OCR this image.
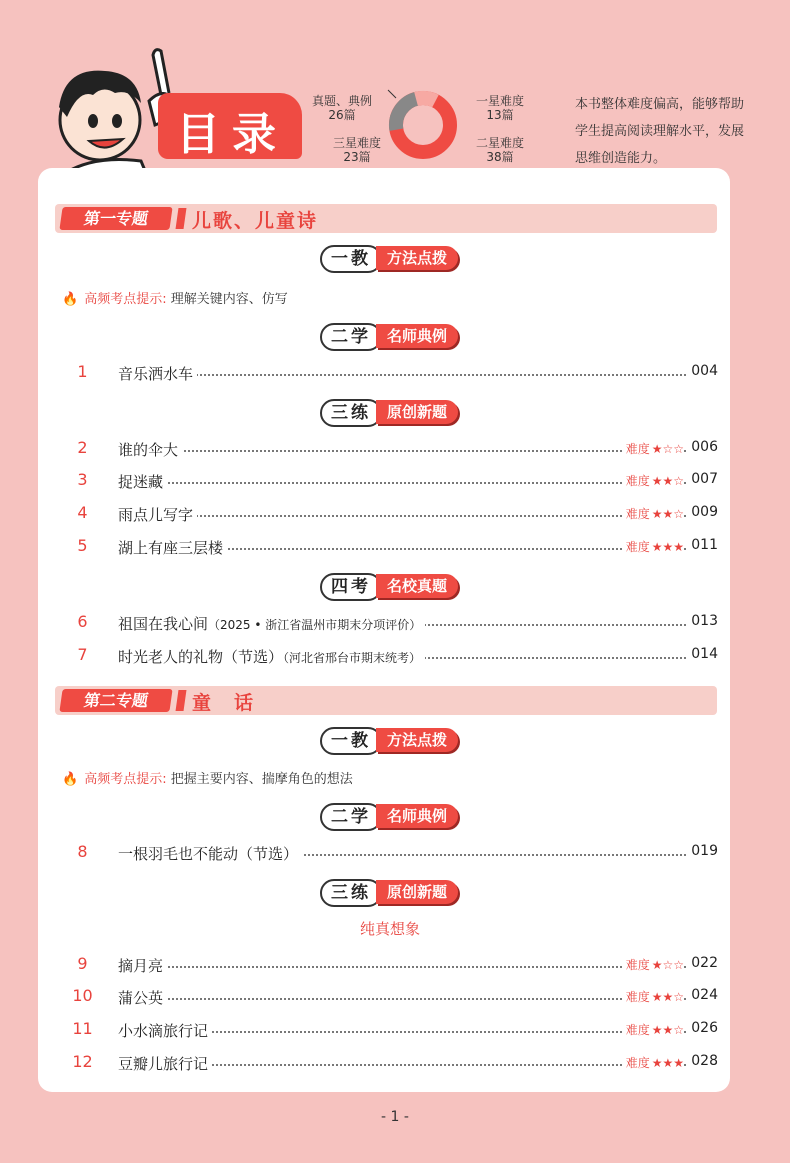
目录
真题、典例
26篇
一星难度
13篇
三星难度
23篇
二星难度
38篇
本书整体难度偏高，能够帮助学生提高阅读理解水平，发展思维创造能力。
第一专题	儿歌、儿童诗
一教	方法点拨
🔥 高频考点提示: 理解关键内容、仿写
二学	名师典例
1	音乐洒水车	004
三练	原创新题
2	谁的伞大	难度 ★☆☆ 006
3	捉迷藏	难度 ★★☆ 007
4	雨点儿写字	难度 ★★☆ 009
5	湖上有座三层楼	难度 ★★★ 011
四考	名校真题
6	祖国在我心间（2025 • 浙江省温州市期末分项评价）	013
7	时光老人的礼物（节选）（河北省邢台市期末统考）	014
第二专题	童　话
一教	方法点拨
🔥 高频考点提示: 把握主要内容、揣摩角色的想法
二学	名师典例
8	一根羽毛也不能动（节选）	019
三练	原创新题
纯真想象
9	摘月亮	难度 ★☆☆ 022
10	蒲公英	难度 ★★☆ 024
11	小水滴旅行记	难度 ★★☆ 026
12	豆瓣儿旅行记	难度 ★★★ 028
- 1 -
